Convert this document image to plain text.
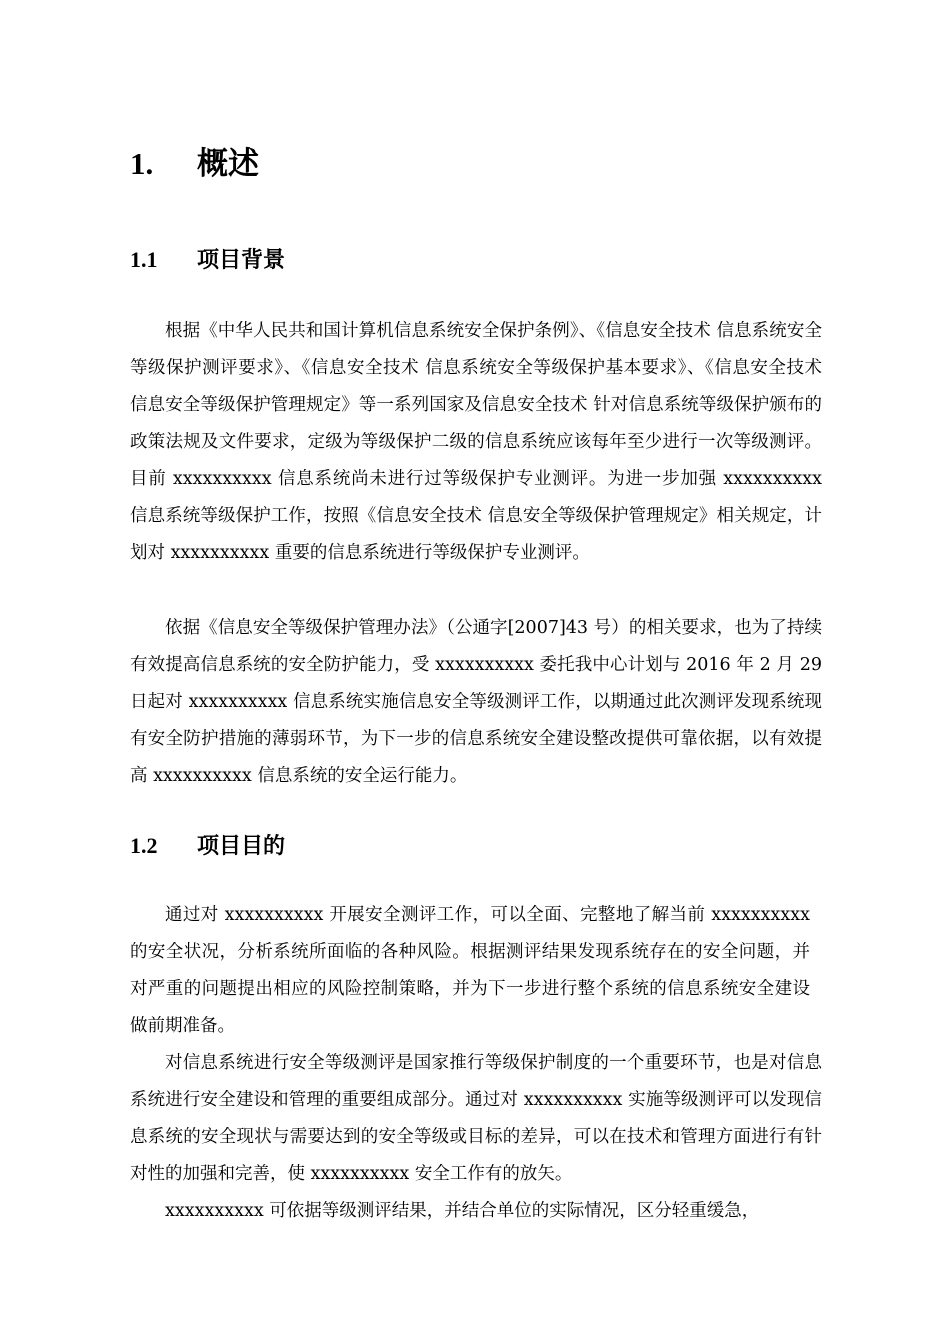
1. 概述
1.1 项目背景

根据《中华人民共和国计算机信息系统安全保护条例》、《信息安全技术 信息系统安全等级保护测评要求》、《信息安全技术 信息系统安全等级保护基本要求》、《信息安全技术 信息安全等级保护管理规定》等一系列国家及信息安全技术 针对信息系统等级保护颁布的政策法规及文件要求，定级为等级保护二级的信息系统应该每年至少进行一次等级测评。目前 xxxxxxxxxx 信息系统尚未进行过等级保护专业测评。为进一步加强 xxxxxxxxxx 信息系统等级保护工作，按照《信息安全技术 信息安全等级保护管理规定》相关规定，计划对 xxxxxxxxxx 重要的信息系统进行等级保护专业测评。

依据《信息安全等级保护管理办法》（公通字[2007]43 号）的相关要求，也为了持续有效提高信息系统的安全防护能力，受 xxxxxxxxxx 委托我中心计划与 2016 年 2 月 29 日起对 xxxxxxxxxx 信息系统实施信息安全等级测评工作，以期通过此次测评发现系统现有安全防护措施的薄弱环节，为下一步的信息系统安全建设整改提供可靠依据，以有效提高 xxxxxxxxxx 信息系统的安全运行能力。

1.2 项目目的

通过对 xxxxxxxxxx 开展安全测评工作，可以全面、完整地了解当前 xxxxxxxxxx 的安全状况，分析系统所面临的各种风险。根据测评结果发现系统存在的安全问题，并对严重的问题提出相应的风险控制策略，并为下一步进行整个系统的信息系统安全建设做前期准备。

对信息系统进行安全等级测评是国家推行等级保护制度的一个重要环节，也是对信息系统进行安全建设和管理的重要组成部分。通过对 xxxxxxxxxx 实施等级测评可以发现信息系统的安全现状与需要达到的安全等级或目标的差异，可以在技术和管理方面进行有针对性的加强和完善，使 xxxxxxxxxx 安全工作有的放矢。

xxxxxxxxxx 可依据等级测评结果，并结合单位的实际情况，区分轻重缓急，
